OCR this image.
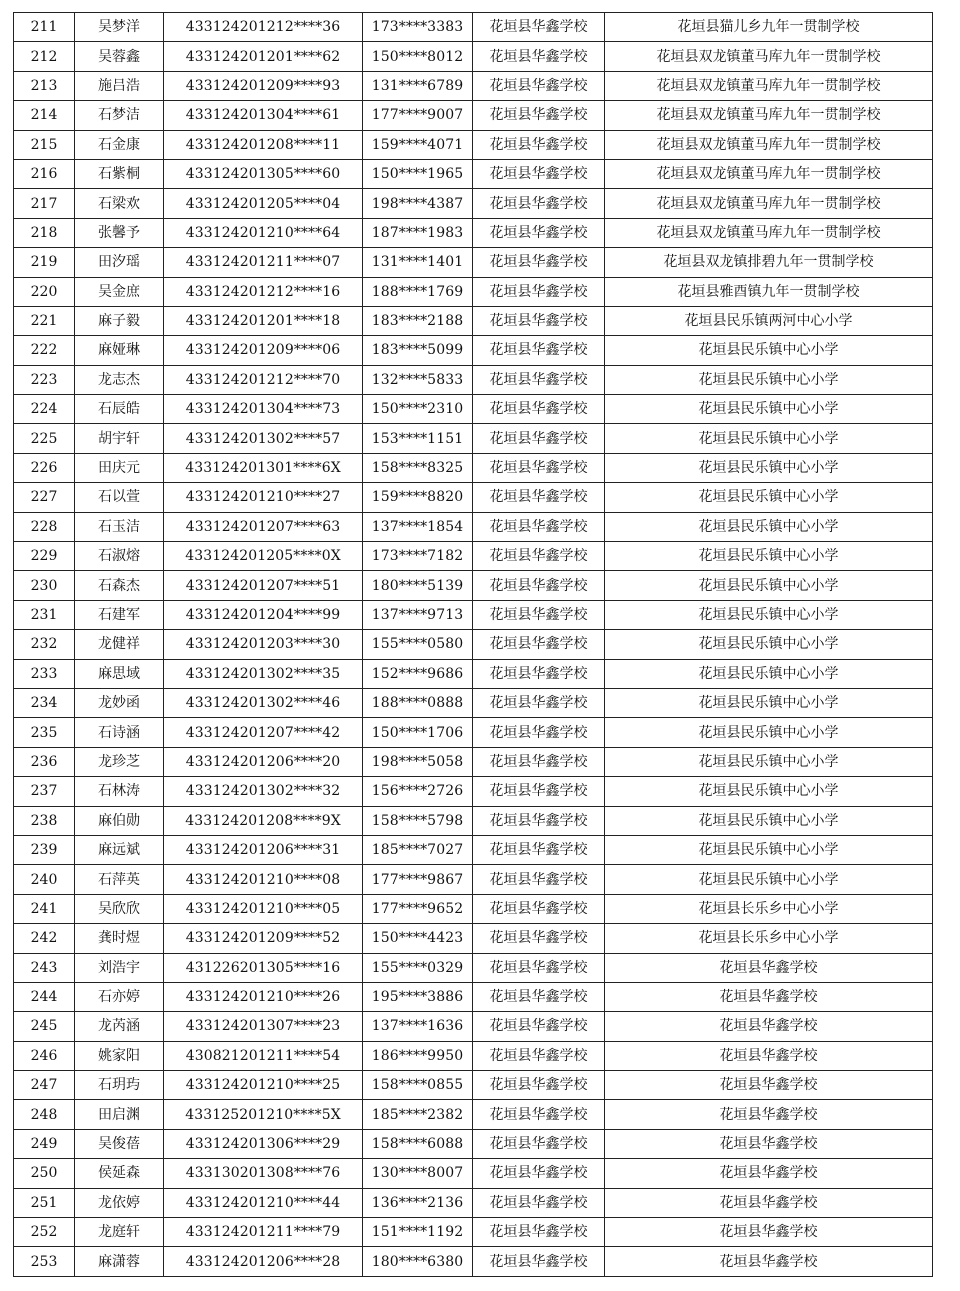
211	吴梦洋	433124201212****36	173****3383	花垣县华鑫学校	花垣县猫儿乡九年一贯制学校
212	吴蓉鑫	433124201201****62	150****8012	花垣县华鑫学校	花垣县双龙镇董马库九年一贯制学校
213	施吕浩	433124201209****93	131****6789	花垣县华鑫学校	花垣县双龙镇董马库九年一贯制学校
214	石梦洁	433124201304****61	177****9007	花垣县华鑫学校	花垣县双龙镇董马库九年一贯制学校
215	石金康	433124201208****11	159****4071	花垣县华鑫学校	花垣县双龙镇董马库九年一贯制学校
216	石紫桐	433124201305****60	150****1965	花垣县华鑫学校	花垣县双龙镇董马库九年一贯制学校
217	石梁欢	433124201205****04	198****4387	花垣县华鑫学校	花垣县双龙镇董马库九年一贯制学校
218	张馨予	433124201210****64	187****1983	花垣县华鑫学校	花垣县双龙镇董马库九年一贯制学校
219	田汐瑶	433124201211****07	131****1401	花垣县华鑫学校	花垣县双龙镇排碧九年一贯制学校
220	吴金庶	433124201212****16	188****1769	花垣县华鑫学校	花垣县雅酉镇九年一贯制学校
221	麻子毅	433124201201****18	183****2188	花垣县华鑫学校	花垣县民乐镇两河中心小学
222	麻娅琳	433124201209****06	183****5099	花垣县华鑫学校	花垣县民乐镇中心小学
223	龙志杰	433124201212****70	132****5833	花垣县华鑫学校	花垣县民乐镇中心小学
224	石辰皓	433124201304****73	150****2310	花垣县华鑫学校	花垣县民乐镇中心小学
225	胡宇轩	433124201302****57	153****1151	花垣县华鑫学校	花垣县民乐镇中心小学
226	田庆元	433124201301****6X	158****8325	花垣县华鑫学校	花垣县民乐镇中心小学
227	石以萱	433124201210****27	159****8820	花垣县华鑫学校	花垣县民乐镇中心小学
228	石玉洁	433124201207****63	137****1854	花垣县华鑫学校	花垣县民乐镇中心小学
229	石淑熔	433124201205****0X	173****7182	花垣县华鑫学校	花垣县民乐镇中心小学
230	石森杰	433124201207****51	180****5139	花垣县华鑫学校	花垣县民乐镇中心小学
231	石建军	433124201204****99	137****9713	花垣县华鑫学校	花垣县民乐镇中心小学
232	龙健祥	433124201203****30	155****0580	花垣县华鑫学校	花垣县民乐镇中心小学
233	麻思域	433124201302****35	152****9686	花垣县华鑫学校	花垣县民乐镇中心小学
234	龙妙函	433124201302****46	188****0888	花垣县华鑫学校	花垣县民乐镇中心小学
235	石诗涵	433124201207****42	150****1706	花垣县华鑫学校	花垣县民乐镇中心小学
236	龙珍芝	433124201206****20	198****5058	花垣县华鑫学校	花垣县民乐镇中心小学
237	石林涛	433124201302****32	156****2726	花垣县华鑫学校	花垣县民乐镇中心小学
238	麻伯勋	433124201208****9X	158****5798	花垣县华鑫学校	花垣县民乐镇中心小学
239	麻远斌	433124201206****31	185****7027	花垣县华鑫学校	花垣县民乐镇中心小学
240	石萍英	433124201210****08	177****9867	花垣县华鑫学校	花垣县民乐镇中心小学
241	吴欣欣	433124201210****05	177****9652	花垣县华鑫学校	花垣县长乐乡中心小学
242	龚时煜	433124201209****52	150****4423	花垣县华鑫学校	花垣县长乐乡中心小学
243	刘浩宇	431226201305****16	155****0329	花垣县华鑫学校	花垣县华鑫学校
244	石亦婷	433124201210****26	195****3886	花垣县华鑫学校	花垣县华鑫学校
245	龙芮涵	433124201307****23	137****1636	花垣县华鑫学校	花垣县华鑫学校
246	姚家阳	430821201211****54	186****9950	花垣县华鑫学校	花垣县华鑫学校
247	石玥玙	433124201210****25	158****0855	花垣县华鑫学校	花垣县华鑫学校
248	田启渊	433125201210****5X	185****2382	花垣县华鑫学校	花垣县华鑫学校
249	吴俊蓓	433124201306****29	158****6088	花垣县华鑫学校	花垣县华鑫学校
250	侯延森	433130201308****76	130****8007	花垣县华鑫学校	花垣县华鑫学校
251	龙依婷	433124201210****44	136****2136	花垣县华鑫学校	花垣县华鑫学校
252	龙庭轩	433124201211****79	151****1192	花垣县华鑫学校	花垣县华鑫学校
253	麻潇蓉	433124201206****28	180****6380	花垣县华鑫学校	花垣县华鑫学校
